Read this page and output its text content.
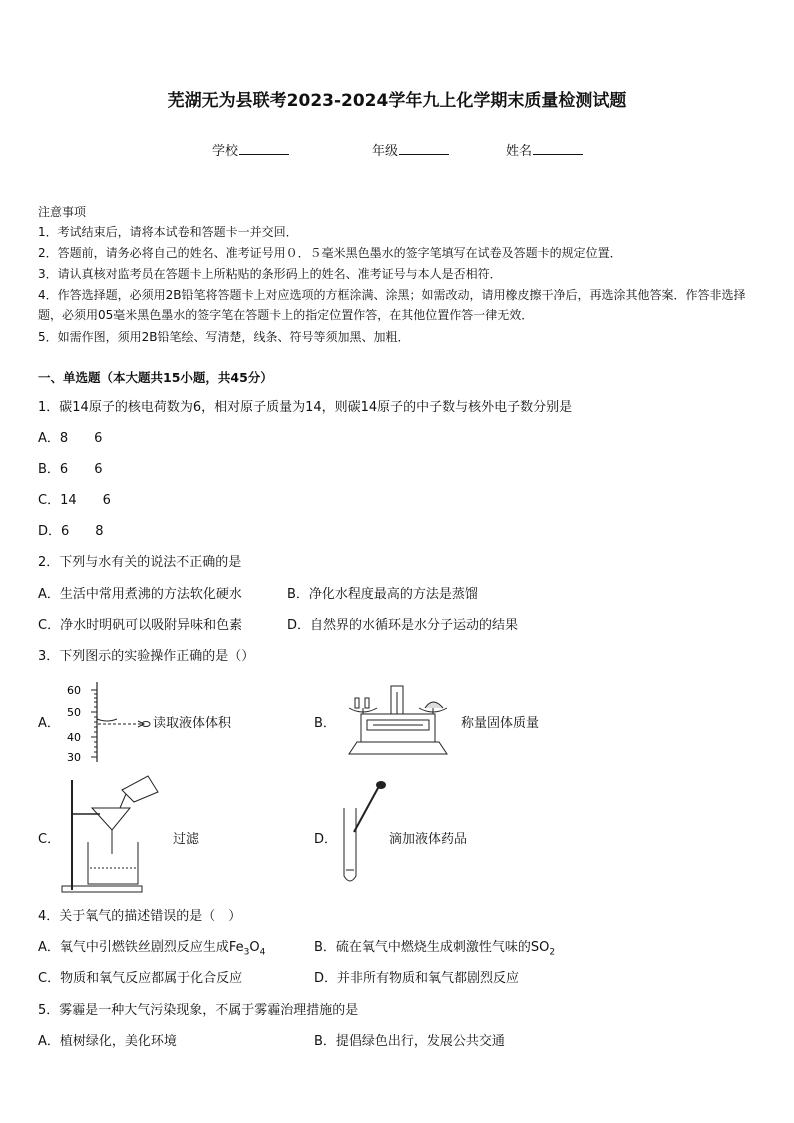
芜湖无为县联考2023-2024学年九上化学期末质量检测试题
学校	年级	姓名
注意事项
1．考试结束后，请将本试卷和答题卡一并交回．
2．答题前，请务必将自己的姓名、准考证号用０．５毫米黑色墨水的签字笔填写在试卷及答题卡的规定位置．
3．请认真核对监考员在答题卡上所粘贴的条形码上的姓名、准考证号与本人是否相符．
4．作答选择题，必须用2B铅笔将答题卡上对应选项的方框涂满、涂黑；如需改动，请用橡皮擦干净后，再选涂其他答案．作答非选择题，必须用05毫米黑色墨水的签字笔在答题卡上的指定位置作答，在其他位置作答一律无效．
5．如需作图，须用2B铅笔绘、写清楚，线条、符号等须加黑、加粗．
一、单选题（本大题共15小题，共45分）
1．碳14原子的核电荷数为6，相对原子质量为14，则碳14原子的中子数与核外电子数分别是
A．8　　6
B．6　　6
C．14　　6
D．6　　8
2．下列与水有关的说法不正确的是
A．生活中常用煮沸的方法软化硬水	B．净化水程度最高的方法是蒸馏
C．净水时明矾可以吸附异味和色素	D．自然界的水循环是水分子运动的结果
3．下列图示的实验操作正确的是（）
A．
60
50
40
30
读取液体体积	B．	称量固体质量
C．	过滤	D．	滴加液体药品
4．关于氧气的描述错误的是（　）
A．氧气中引燃铁丝剧烈反应生成$Fe_3O_4$	B．硫在氧气中燃烧生成刺激性气味的$SO_2$
C．物质和氧气反应都属于化合反应	D．并非所有物质和氧气都剧烈反应
5．雾霾是一种大气污染现象，不属于雾霾治理措施的是
A．植树绿化，美化环境	B．提倡绿色出行，发展公共交通
